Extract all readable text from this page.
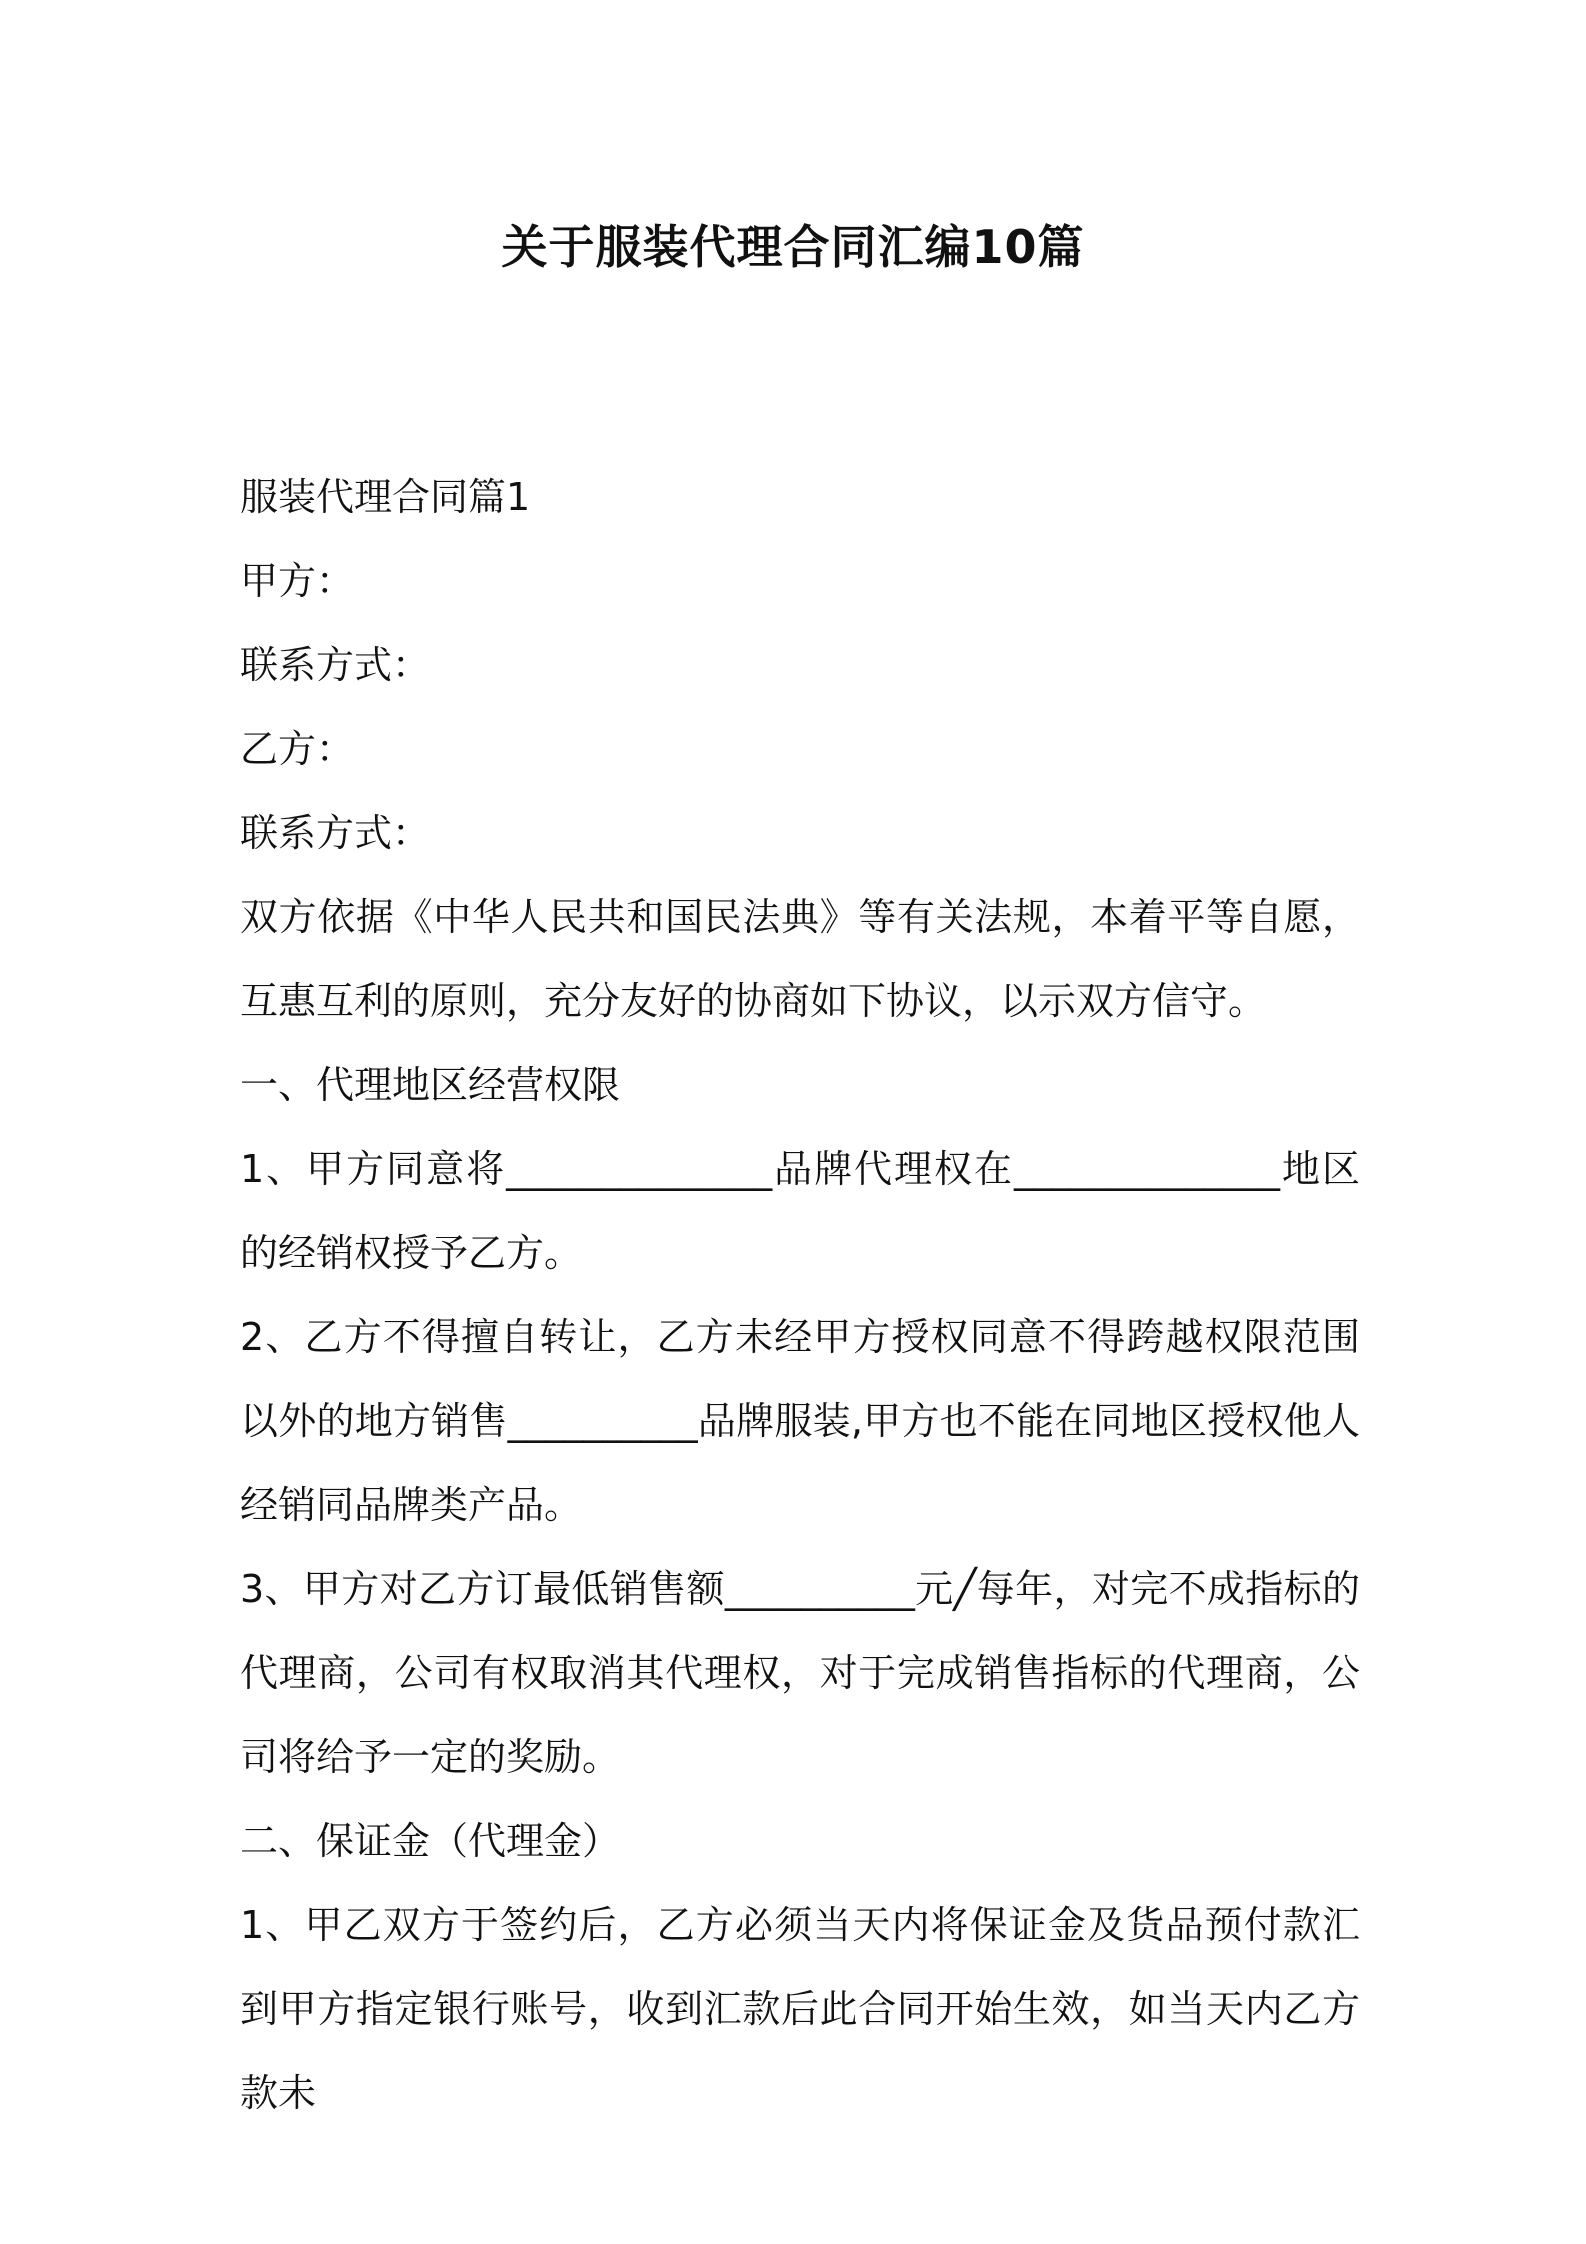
关于服装代理合同汇编10篇

服装代理合同篇1

甲方：

联系方式：

乙方：

联系方式：

双方依据《中华人民共和国民法典》等有关法规，本着平等自愿，互惠互利的原则，充分友好的协商如下协议，以示双方信守。

一、代理地区经营权限

1、甲方同意将______________品牌代理权在______________地区的经销权授予乙方。

2、乙方不得擅自转让，乙方未经甲方授权同意不得跨越权限范围以外的地方销售__________品牌服装,甲方也不能在同地区授权他人经销同品牌类产品。

3、甲方对乙方订最低销售额__________元╱每年，对完不成指标的代理商，公司有权取消其代理权，对于完成销售指标的代理商，公司将给予一定的奖励。

二、保证金（代理金）

1、甲乙双方于签约后，乙方必须当天内将保证金及货品预付款汇到甲方指定银行账号，收到汇款后此合同开始生效，如当天内乙方款未
